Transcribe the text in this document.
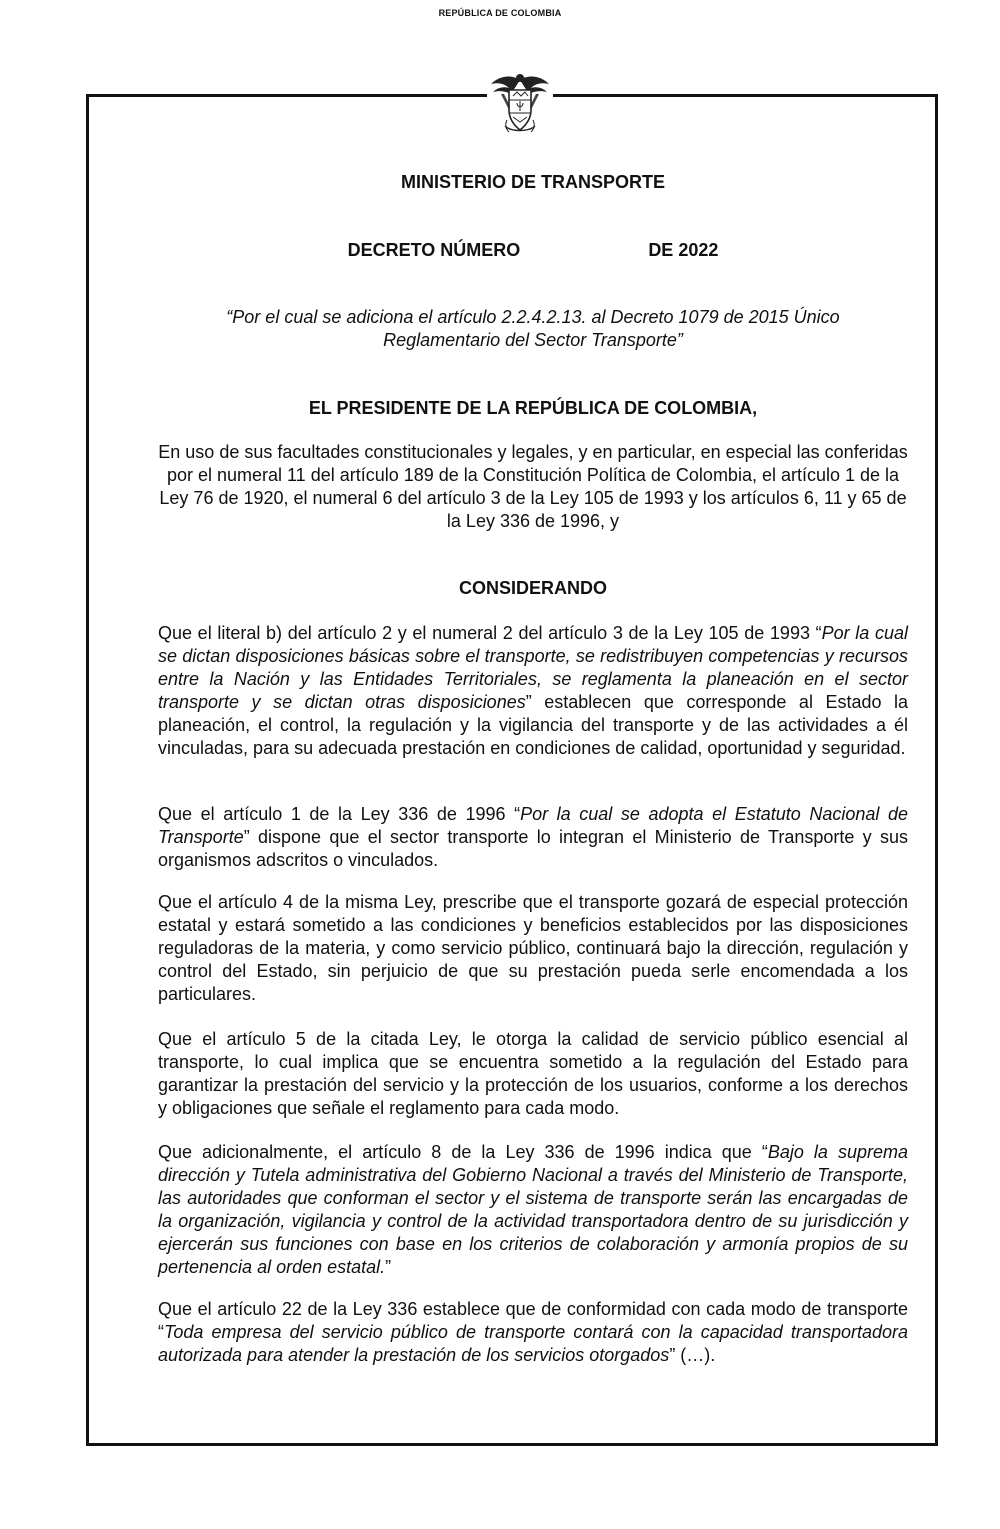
REPÚBLICA DE COLOMBIA
MINISTERIO DE TRANSPORTE
DECRETO NÚMERO	DE 2022

“Por el cual se adiciona el artículo 2.2.4.2.13. al Decreto 1079 de 2015 Único Reglamentario del Sector Transporte”

EL PRESIDENTE DE LA REPÚBLICA DE COLOMBIA,

En uso de sus facultades constitucionales y legales, y en particular, en especial las conferidas por el numeral 11 del artículo 189 de la Constitución Política de Colombia, el artículo 1 de la Ley 76 de 1920, el numeral 6 del artículo 3 de la Ley 105 de 1993 y los artículos 6, 11 y 65 de la Ley 336 de 1996, y

CONSIDERANDO

Que el literal b) del artículo 2 y el numeral 2 del artículo 3 de la Ley 105 de 1993 “Por la cual se dictan disposiciones básicas sobre el transporte, se redistribuyen competencias y recursos entre la Nación y las Entidades Territoriales, se reglamenta la planeación en el sector transporte y se dictan otras disposiciones” establecen que corresponde al Estado la planeación, el control, la regulación y la vigilancia del transporte y de las actividades a él vinculadas, para su adecuada prestación en condiciones de calidad, oportunidad y seguridad.

Que el artículo 1 de la Ley 336 de 1996 “Por la cual se adopta el Estatuto Nacional de Transporte” dispone que el sector transporte lo integran el Ministerio de Transporte y sus organismos adscritos o vinculados.

Que el artículo 4 de la misma Ley, prescribe que el transporte gozará de especial protección estatal y estará sometido a las condiciones y beneficios establecidos por las disposiciones reguladoras de la materia, y como servicio público, continuará bajo la dirección, regulación y control del Estado, sin perjuicio de que su prestación pueda serle encomendada a los particulares.

Que el artículo 5 de la citada Ley, le otorga la calidad de servicio público esencial al transporte, lo cual implica que se encuentra sometido a la regulación del Estado para garantizar la prestación del servicio y la protección de los usuarios, conforme a los derechos y obligaciones que señale el reglamento para cada modo.

Que adicionalmente, el artículo 8 de la Ley 336 de 1996 indica que “Bajo la suprema dirección y Tutela administrativa del Gobierno Nacional a través del Ministerio de Transporte, las autoridades que conforman el sector y el sistema de transporte serán las encargadas de la organización, vigilancia y control de la actividad transportadora dentro de su jurisdicción y ejercerán sus funciones con base en los criterios de colaboración y armonía propios de su pertenencia al orden estatal.”

Que el artículo 22 de la Ley 336 establece que de conformidad con cada modo de transporte “Toda empresa del servicio público de transporte contará con la capacidad transportadora autorizada para atender la prestación de los servicios otorgados” (…).
